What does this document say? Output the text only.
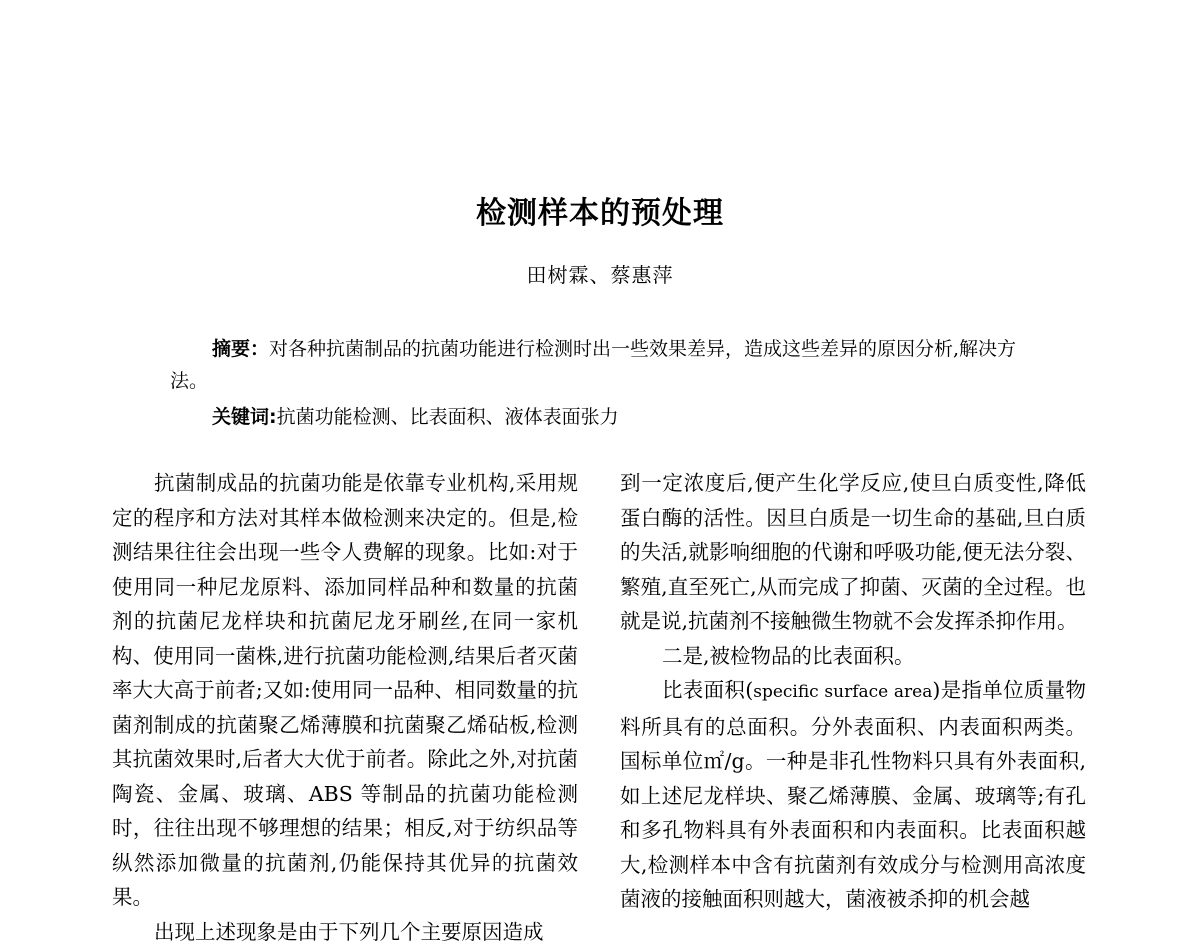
检测样本的预处理
田树霖、蔡惠萍

摘要：对各种抗菌制品的抗菌功能进行检测时出一些效果差异，造成这些差异的原因分析,解决方法。

关键词:抗菌功能检测、比表面积、液体表面张力

抗菌制成品的抗菌功能是依靠专业机构,采用规定的程序和方法对其样本做检测来决定的。但是,检测结果往往会出现一些令人费解的现象。比如:对于使用同一种尼龙原料、添加同样品种和数量的抗菌剂的抗菌尼龙样块和抗菌尼龙牙刷丝,在同一家机构、使用同一菌株,进行抗菌功能检测,结果后者灭菌率大大高于前者;又如:使用同一品种、相同数量的抗菌剂制成的抗菌聚乙烯薄膜和抗菌聚乙烯砧板,检测其抗菌效果时,后者大大优于前者。除此之外,对抗菌陶瓷、金属、玻璃、ABS 等制品的抗菌功能检测时，往往出现不够理想的结果；相反,对于纺织品等纵然添加微量的抗菌剂,仍能保持其优异的抗菌效果。

出现上述现象是由于下列几个主要原因造成

到一定浓度后,便产生化学反应,使旦白质变性,降低蛋白酶的活性。因旦白质是一切生命的基础,旦白质的失活,就影响细胞的代谢和呼吸功能,便无法分裂、繁殖,直至死亡,从而完成了抑菌、灭菌的全过程。也就是说,抗菌剂不接触微生物就不会发挥杀抑作用。

二是,被检物品的比表面积。

比表面积(specific surface area)是指单位质量物料所具有的总面积。分外表面积、内表面积两类。国标单位㎡/g。一种是非孔性物料只具有外表面积,如上述尼龙样块、聚乙烯薄膜、金属、玻璃等;有孔和多孔物料具有外表面积和内表面积。比表面积越大,检测样本中含有抗菌剂有效成分与检测用高浓度菌液的接触面积则越大，菌液被杀抑的机会越
